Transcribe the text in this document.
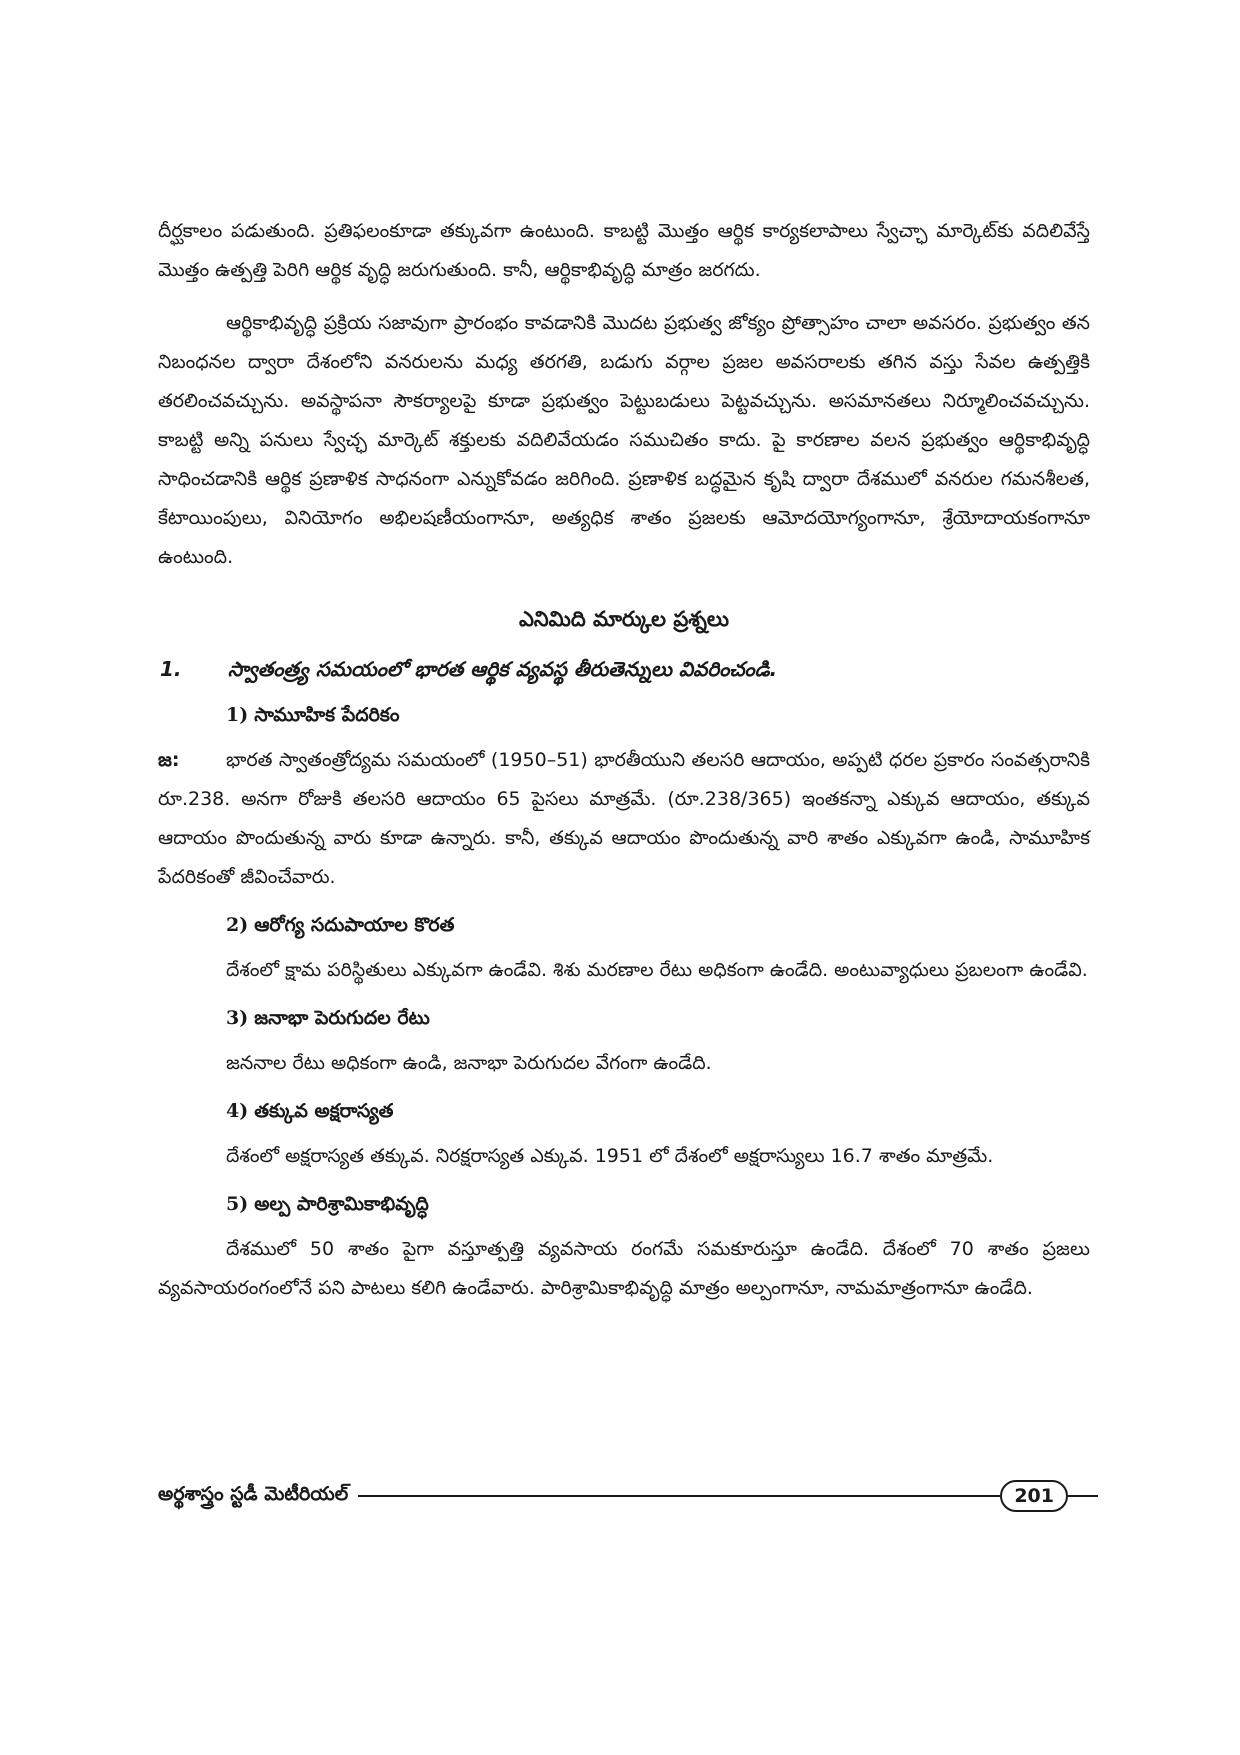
దీర్ఘకాలం పడుతుంది. ప్రతిఫలంకూడా తక్కువగా ఉంటుంది. కాబట్టి మొత్తం ఆర్థిక కార్యకలాపాలు స్వేచ్ఛా మార్కెట్‌కు వదిలివేస్తే మొత్తం ఉత్పత్తి పెరిగి ఆర్థిక వృద్ధి జరుగుతుంది. కానీ, ఆర్థికాభివృద్ధి మాత్రం జరగదు.

ఆర్థికాభివృద్ధి ప్రక్రియ సజావుగా ప్రారంభం కావడానికి మొదట ప్రభుత్వ జోక్యం ప్రోత్సాహం చాలా అవసరం. ప్రభుత్వం తన నిబంధనల ద్వారా దేశంలోని వనరులను మధ్య తరగతి, బడుగు వర్గాల ప్రజల అవసరాలకు తగిన వస్తు సేవల ఉత్పత్తికి తరలించవచ్చును. అవస్థాపనా సౌకర్యాలపై కూడా ప్రభుత్వం పెట్టుబడులు పెట్టవచ్చును. అసమానతలు నిర్మూలించవచ్చును. కాబట్టి అన్ని పనులు స్వేచ్ఛ మార్కెట్ శక్తులకు వదిలివేయడం సముచితం కాదు. పై కారణాల వలన ప్రభుత్వం ఆర్థికాభివృద్ధి సాధించడానికి ఆర్థిక ప్రణాళిక సాధనంగా ఎన్నుకోవడం జరిగింది. ప్రణాళిక బద్ధమైన కృషి ద్వారా దేశములో వనరుల గమనశీలత, కేటాయింపులు, వినియోగం అభిలషణీయంగానూ, అత్యధిక శాతం ప్రజలకు ఆమోదయోగ్యంగానూ, శ్రేయోదాయకంగానూ ఉంటుంది.

ఎనిమిది మార్కుల ప్రశ్నలు
1.	స్వాతంత్ర్య సమయంలో భారత ఆర్థిక వ్యవస్థ తీరుతెన్నులు వివరించండి.
1) సామూహిక పేదరికం
జ:	భారత స్వాతంత్రోద్యమ సమయంలో (1950–51) భారతీయుని తలసరి ఆదాయం, అప్పటి ధరల ప్రకారం సంవత్సరానికి రూ.238. అనగా రోజుకి తలసరి ఆదాయం 65 పైసలు మాత్రమే. (రూ.238/365) ఇంతకన్నా ఎక్కువ ఆదాయం, తక్కువ ఆదాయం పొందుతున్న వారు కూడా ఉన్నారు. కానీ, తక్కువ ఆదాయం పొందుతున్న వారి శాతం ఎక్కువగా ఉండి, సామూహిక పేదరికంతో జీవించేవారు.

2) ఆరోగ్య సదుపాయాల కొరత

దేశంలో క్షామ పరిస్థితులు ఎక్కువగా ఉండేవి. శిశు మరణాల రేటు అధికంగా ఉండేది. అంటువ్యాధులు ప్రబలంగా ఉండేవి.

3) జనాభా పెరుగుదల రేటు

జననాల రేటు అధికంగా ఉండి, జనాభా పెరుగుదల వేగంగా ఉండేది.

4) తక్కువ అక్షరాస్యత

దేశంలో అక్షరాస్యత తక్కువ. నిరక్షరాస్యత ఎక్కువ. 1951 లో దేశంలో అక్షరాస్యులు 16.7 శాతం మాత్రమే.

5) అల్ప పారిశ్రామికాభివృద్ధి

దేశములో 50 శాతం పైగా వస్తూత్పత్తి వ్యవసాయ రంగమే సమకూరుస్తూ ఉండేది. దేశంలో 70 శాతం ప్రజలు వ్యవసాయరంగంలోనే పని పాటలు కలిగి ఉండేవారు. పారిశ్రామికాభివృద్ధి మాత్రం అల్పంగానూ, నామమాత్రంగానూ ఉండేది.

అర్థశాస్త్రం స్టడీ మెటీరియల్	201
